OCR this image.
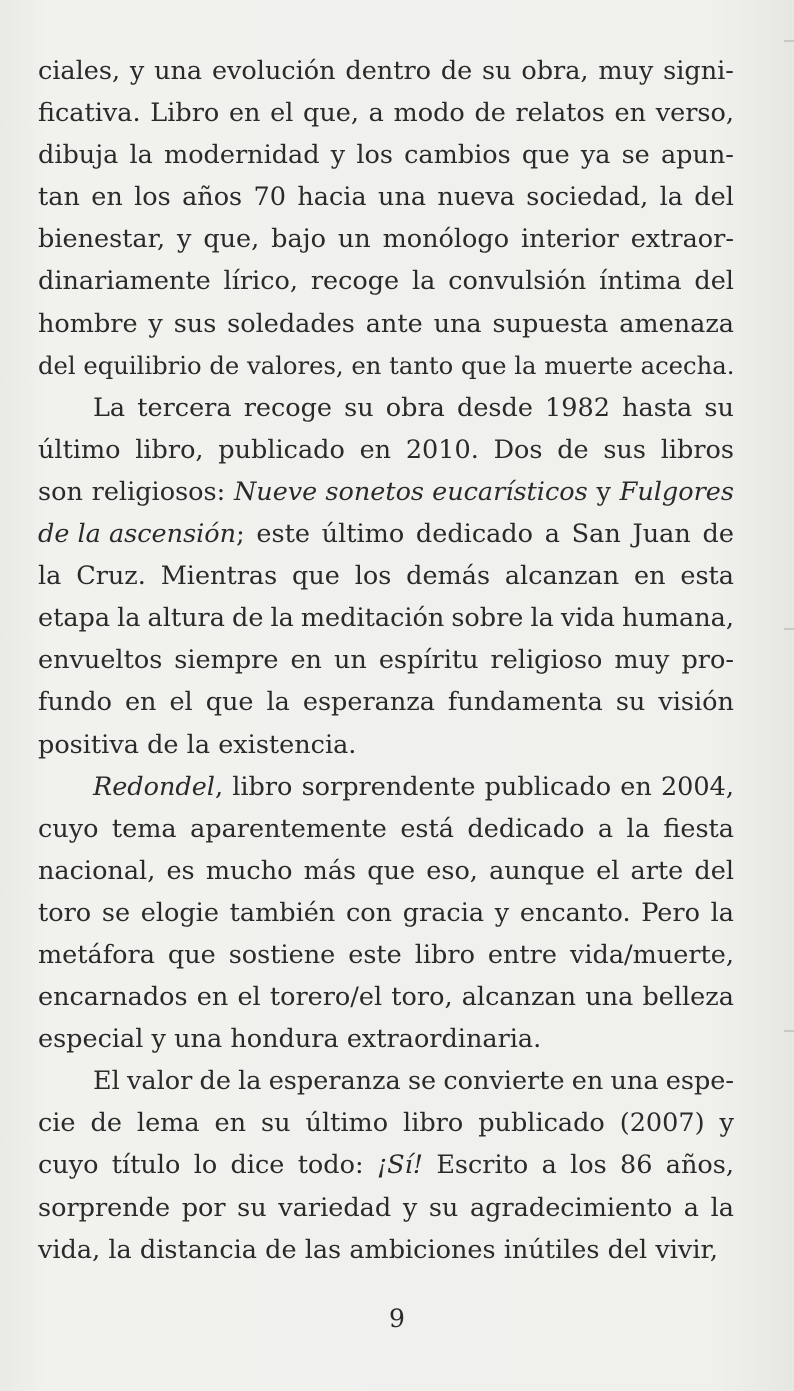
ciales, y una evolución dentro de su obra, muy signi-
ficativa. Libro en el que, a modo de relatos en verso,
dibuja la modernidad y los cambios que ya se apun-
tan en los años 70 hacia una nueva sociedad, la del
bienestar, y que, bajo un monólogo interior extraor-
dinariamente lírico, recoge la convulsión íntima del
hombre y sus soledades ante una supuesta amenaza
del equilibrio de valores, en tanto que la muerte acecha.
La tercera recoge su obra desde 1982 hasta su
último libro, publicado en 2010. Dos de sus libros
son religiosos: Nueve sonetos eucarísticos y Fulgores
de la ascensión; este último dedicado a San Juan de
la Cruz. Mientras que los demás alcanzan en esta
etapa la altura de la meditación sobre la vida humana,
envueltos siempre en un espíritu religioso muy pro-
fundo en el que la esperanza fundamenta su visión
positiva de la existencia.
Redondel, libro sorprendente publicado en 2004,
cuyo tema aparentemente está dedicado a la fiesta
nacional, es mucho más que eso, aunque el arte del
toro se elogie también con gracia y encanto. Pero la
metáfora que sostiene este libro entre vida/muerte,
encarnados en el torero/el toro, alcanzan una belleza
especial y una hondura extraordinaria.
El valor de la esperanza se convierte en una espe-
cie de lema en su último libro publicado (2007) y
cuyo título lo dice todo: ¡Sí! Escrito a los 86 años,
sorprende por su variedad y su agradecimiento a la
vida, la distancia de las ambiciones inútiles del vivir,
9
